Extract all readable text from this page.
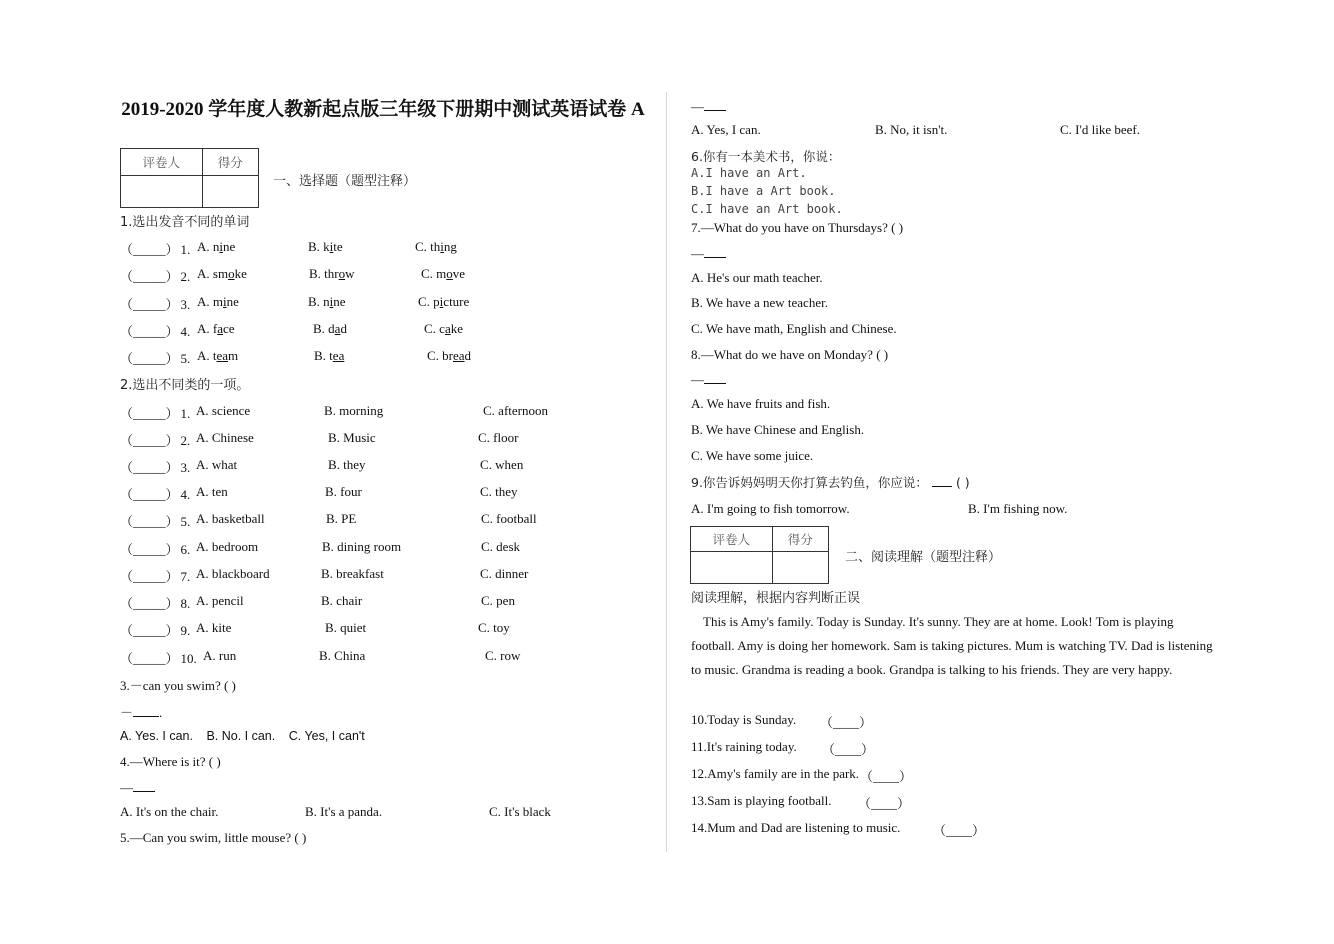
2019-2020 学年度人教新起点版三年级下册期中测试英语试卷 A
评卷人	得分

一、选择题（题型注释）
1.选出发音不同的单词
（_____） 1. A. nine	B. kite	C. thing
（_____） 2. A. smoke	B. throw	C. move
（_____） 3. A. mine	B. nine	C. picture
（_____） 4. A. face	B. dad	C. cake
（_____） 5. A. team	B. tea	C. bread
2.选出不同类的一项。
（_____） 1. A. science	B. morning	C. afternoon
（_____） 2. A. Chinese	B. Music	C. floor
（_____） 3. A. what	B. they	C. when
（_____） 4. A. ten	B. four	C. they
（_____） 5. A. basketball	B. PE	C. football
（_____） 6. A. bedroom	B. dining room	C. desk
（_____） 7. A. blackboard	B. breakfast	C. dinner
（_____） 8. A. pencil	B. chair	C. pen
（_____） 9. A. kite	B. quiet	C. toy
（_____） 10. A. run	B. China	C. row
3.－can you swim? ( )
－ .
A. Yes. I can. B. No. I can. C. Yes, I can't
4.—Where is it? ( )
—
A. It's on the chair.	B. It's a panda.	C. It's black
5.—Can you swim, little mouse? ( )
—
A. Yes, I can.	B. No, it isn't.	C. I'd like beef.
6.你有一本美术书，你说：
A.I have an Art.
B.I have a Art book.
C.I have an Art book.
7.—What do you have on Thursdays? ( )
—
A. He's our math teacher.
B. We have a new teacher.
C. We have math, English and Chinese.
8.—What do we have on Monday? ( )
—
A. We have fruits and fish.
B. We have Chinese and English.
C. We have some juice.
9.你告诉妈妈明天你打算去钓鱼，你应说： ( )
A. I'm going to fish tomorrow.	B. I'm fishing now.
评卷人	得分

二、阅读理解（题型注释）
阅读理解，根据内容判断正误
This is Amy's family. Today is Sunday. It's sunny. They are at home. Look! Tom is playing football. Amy is doing her homework. Sam is taking pictures. Mum is watching TV. Dad is listening to music. Grandma is reading a book. Grandpa is talking to his friends. They are very happy.
10.Today is Sunday. （____）
11.It's raining today. （____）
12.Amy's family are in the park. （____）
13.Sam is playing football. （____）
14.Mum and Dad are listening to music.	（____）
